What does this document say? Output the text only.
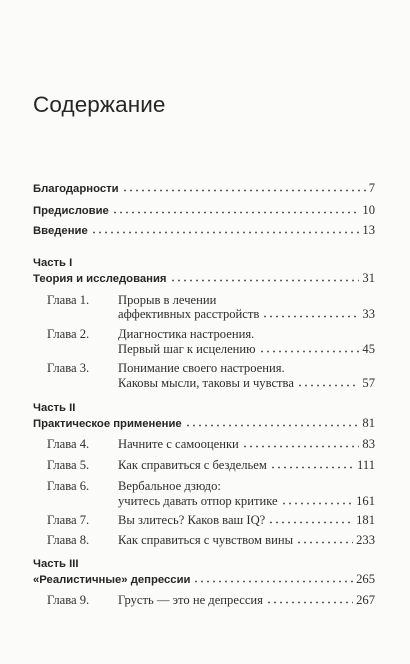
Содержание
Благодарности	7
Предисловие	10
Введение	13
Часть I
Теория и исследования	31
Глава 1. Прорыв в лечении
аффективных расстройств	33
Глава 2. Диагностика настроения.
Первый шаг к исцелению	45
Глава 3. Понимание своего настроения.
Каковы мысли, таковы и чувства	57
Часть II
Практическое применение	81
Глава 4.	Начните с самооценки	83
Глава 5.	Как справиться с бездельем	111
Глава 6. Вербальное дзюдо:
учитесь давать отпор критике	161
Глава 7.	Вы злитесь? Каков ваш IQ?	181
Глава 8.	Как справиться с чувством вины	233
Часть III
«Реалистичные» депрессии	265
Глава 9.	Грусть — это не депрессия	267
